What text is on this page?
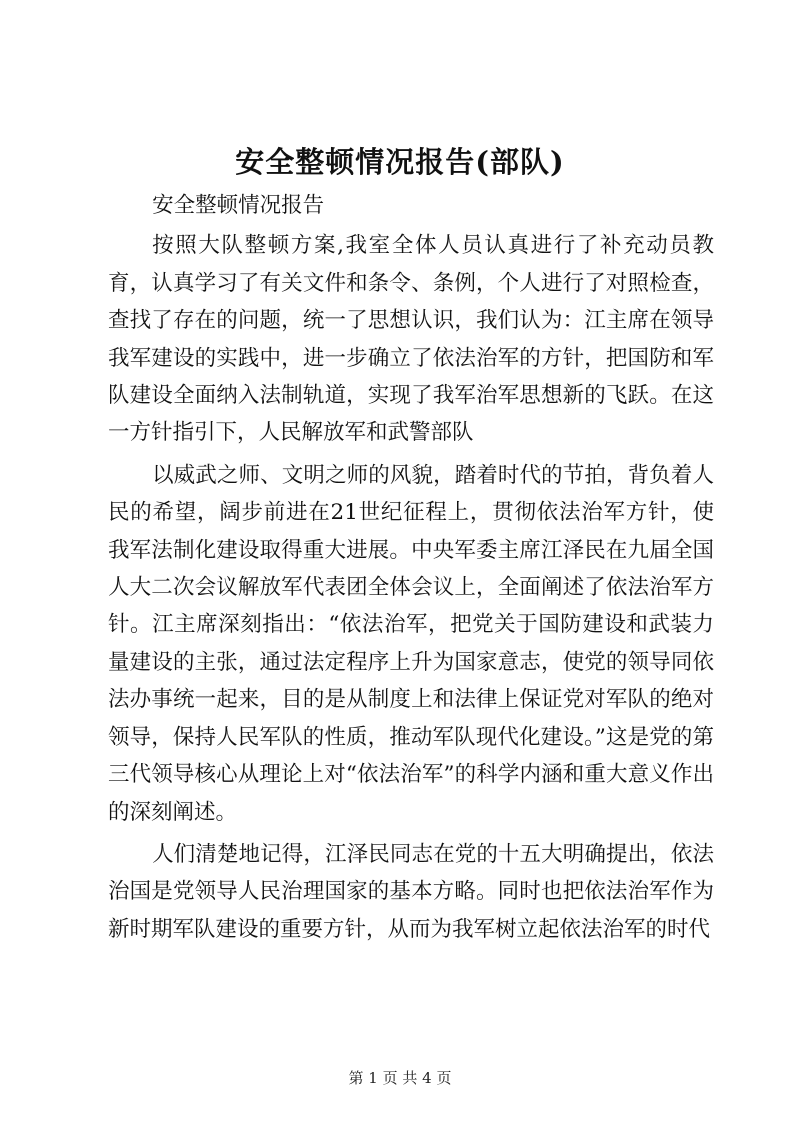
安全整顿情况报告(部队)

安全整顿情况报告

按照大队整顿方案,我室全体人员认真进行了补充动员教育，认真学习了有关文件和条令、条例，个人进行了对照检查，查找了存在的问题，统一了思想认识，我们认为：江主席在领导我军建设的实践中，进一步确立了依法治军的方针，把国防和军队建设全面纳入法制轨道，实现了我军治军思想新的飞跃。在这一方针指引下，人民解放军和武警部队

以威武之师、文明之师的风貌，踏着时代的节拍，背负着人民的希望，阔步前进在21世纪征程上，贯彻依法治军方针，使我军法制化建设取得重大进展。中央军委主席江泽民在九届全国人大二次会议解放军代表团全体会议上，全面阐述了依法治军方针。江主席深刻指出：“依法治军，把党关于国防建设和武装力量建设的主张，通过法定程序上升为国家意志，使党的领导同依法办事统一起来，目的是从制度上和法律上保证党对军队的绝对领导，保持人民军队的性质，推动军队现代化建设。”这是党的第三代领导核心从理论上对“依法治军”的科学内涵和重大意义作出的深刻阐述。

人们清楚地记得，江泽民同志在党的十五大明确提出，依法治国是党领导人民治理国家的基本方略。同时也把依法治军作为新时期军队建设的重要方针，从而为我军树立起依法治军的时代

第 1 页 共 4 页
